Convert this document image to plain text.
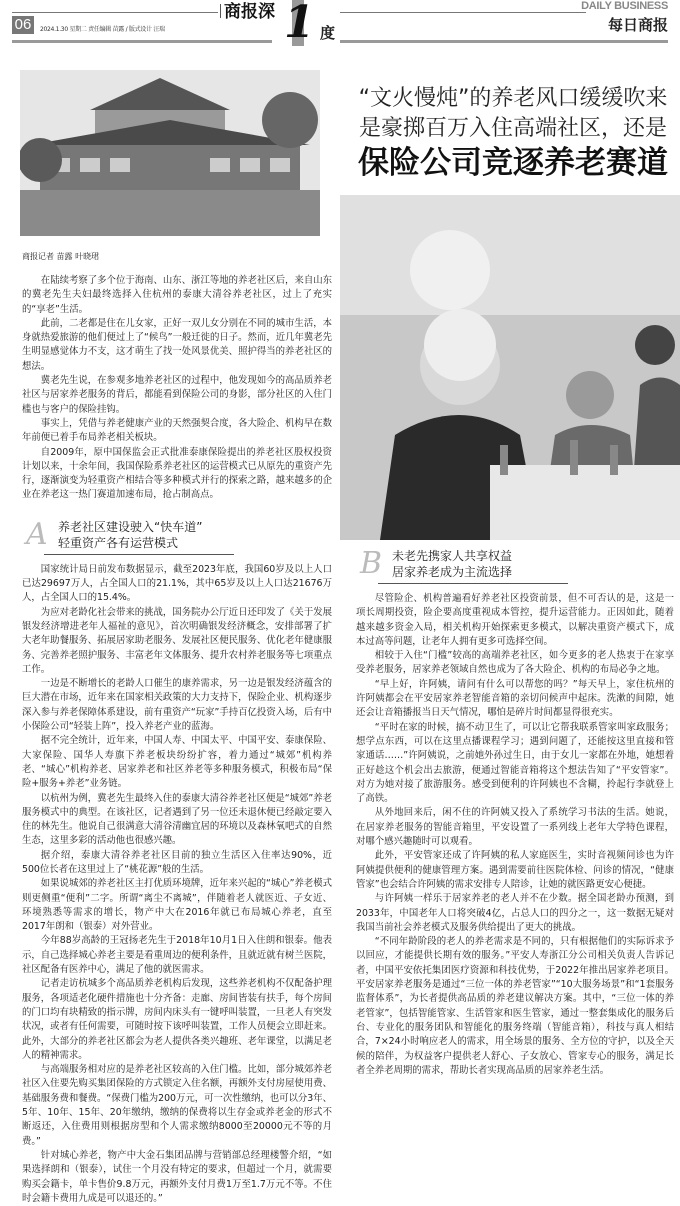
06	2024.1.30 星期二 责任编辑 苗露 / 版式设计 汪瑞
商报深 1 度
DAILY BUSINESS
每日商报
商报记者 苗露 叶晓珺
“文火慢炖”的养老风口缓缓吹来
是豪掷百万入住高端社区，还是
保险公司竞逐养老赛道

在陆续考察了多个位于海南、山东、浙江等地的养老社区后，来自山东的冀老先生夫妇最终选择入住杭州的泰康大清谷养老社区，过上了充实的“享老”生活。

此前，二老都是住在儿女家，正好一双儿女分别在不同的城市生活，本身就热爱旅游的他们便过上了“候鸟”一般迁徙的日子。然而，近几年冀老先生明显感觉体力不支，这才萌生了找一处风景优美、照护得当的养老社区的想法。

冀老先生说，在参观多地养老社区的过程中，他发现如今的高品质养老社区与居家养老服务的背后，都能看到保险公司的身影，部分社区的入住门槛也与客户的保险挂钩。

事实上，凭借与养老健康产业的天然强契合度，各大险企、机构早在数年前便已着手布局养老相关板块。

自2009年，原中国保监会正式批准泰康保险提出的养老社区股权投资计划以来，十余年间，我国保险系养老社区的运营模式已从原先的重资产先行，逐渐演变为轻重资产相结合等多种模式并行的探索之路，越来越多的企业在养老这一热门赛道加速布局，抢占制高点。

A 养老社区建设驶入“快车道”
轻重资产各有运营模式

国家统计局日前发布数据显示，截至2023年底，我国60岁及以上人口已达29697万人，占全国人口的21.1%，其中65岁及以上人口达21676万人，占全国人口的15.4%。

为应对老龄化社会带来的挑战，国务院办公厅近日还印发了《关于发展银发经济增进老年人福祉的意见》，首次明确银发经济概念，安排部署了扩大老年助餐服务、拓展居家助老服务、发展社区便民服务、优化老年健康服务、完善养老照护服务、丰富老年文体服务、提升农村养老服务等七项重点工作。

一边是不断增长的老龄人口催生的康养需求，另一边是银发经济蕴含的巨大潜在市场，近年来在国家相关政策的大力支持下，保险企业、机构逐步深入参与养老保障体系建设，前有重资产“玩家”手持百亿投资入场，后有中小保险公司“轻装上阵”，投入养老产业的蓝海。

据不完全统计，近年来，中国人寿、中国太平、中国平安、泰康保险、大家保险、国华人寿旗下养老板块纷纷扩容，着力通过“城郊”机构养老、“城心”机构养老、居家养老和社区养老等多种服务模式，积极布局“保险+服务+养老”业务链。

以杭州为例，冀老先生最终入住的泰康大清谷养老社区便是“城郊”养老服务模式中的典型。在该社区，记者遇到了另一位还未退休便已经敲定要入住的林先生。他说自己很满意大清谷清幽宜居的环境以及森林氧吧式的自然生态，这里多彩的活动他也很感兴趣。

据介绍，泰康大清谷养老社区目前的独立生活区入住率达90%，近500位长者在这里过上了“桃花源”般的生活。

如果说城郊的养老社区主打优质环境牌，近年来兴起的“城心”养老模式则更侧重“便利”二字。所谓“离尘不离城”，伴随着老人就医近、子女近、环境熟悉等需求的增长，物产中大在2016年就已布局城心养老，直至2017年朗和（银泰）对外营业。

今年88岁高龄的王冠扬老先生于2018年10月1日入住朗和银泰。他表示，自己选择城心养老主要是看重周边的便利条件，且就近就有树兰医院，社区配备有医养中心，满足了他的就医需求。

记者走访杭城多个高品质养老机构后发现，这些养老机构不仅配备护理服务，各项适老化硬件措施也十分齐备：走廊、房间皆装有扶手，每个房间的门口均有块精致的指示牌，房间内床头有一键呼叫装置，一旦老人有突发状况，或者有任何需要，可随时按下该呼叫装置，工作人员便会立即赶来。此外，大部分的养老社区都会为老人提供各类兴趣班、老年课堂，以满足老人的精神需求。

与高端服务相对应的是养老社区较高的入住门槛。比如，部分城郊养老社区入住要先购买集团保险的方式锁定入住名额，再额外支付房屋使用费、基础服务费和餐费。“保费门槛为200万元，可一次性缴纳，也可以分3年、5年、10年、15年、20年缴纳，缴纳的保费将以生存金或养老金的形式不断返还，入住费用则根据房型和个人需求缴纳8000至20000元不等的月费。”

针对城心养老，物产中大金石集团品牌与营销部总经理楼警介绍，“如果选择朗和（银泰），试住一个月没有特定的要求，但超过一个月，就需要购买会籍卡，单卡售价9.8万元，再额外支付月费1万至1.7万元不等。不住时会籍卡费用九成是可以退还的。”

B 未老先携家人共享权益
居家养老成为主流选择

尽管险企、机构普遍看好养老社区投资前景，但不可否认的是，这是一项长周期投资，险企要高度重视成本管控，提升运营能力。正因如此，随着越来越多资金入局，相关机构开始探索更多模式，以解决重资产模式下，成本过高等问题，让老年人拥有更多可选择空间。

相较于入住“门槛”较高的高端养老社区，如今更多的老人热衷于在家享受养老服务，居家养老领域自然也成为了各大险企、机构的布局必争之地。

“早上好，许阿姨，请问有什么可以帮您的吗？”每天早上，家住杭州的许阿姨都会在平安居家养老智能音箱的亲切问候声中起床。洗漱的间隙，她还会让音箱播报当日天气情况，哪怕是碎片时间都显得很充实。

“平时在家的时候，搞不动卫生了，可以让它帮我联系管家叫家政服务；想学点东西，可以在这里点播课程学习；遇到问题了，还能按这里直接和管家通话……”许阿姨说，之前她外孙过生日，由于女儿一家都在外地，她想着正好趁这个机会出去旅游，便通过智能音箱将这个想法告知了“平安管家”。对方为她对接了旅游服务。感受到便利的许阿姨也不含糊，拎起行李就登上了高铁。

从外地回来后，闲不住的许阿姨又投入了系统学习书法的生活。她说，在居家养老服务的智能音箱里，平安设置了一系列线上老年大学特色课程，对哪个感兴趣随时可以观看。

此外，平安管家还成了许阿姨的私人家庭医生，实时音视频问诊也为许阿姨提供便利的健康管理方案。遇到需要前往医院体检、问诊的情况，“健康管家”也会结合许阿姨的需求安排专人陪诊，让她的就医路更安心便捷。

与许阿姨一样乐于居家养老的老人并不在少数。据全国老龄办预测，到2033年，中国老年人口将突破4亿，占总人口的四分之一，这一数据无疑对我国当前社会养老模式及服务供给提出了更大的挑战。

“不同年龄阶段的老人的养老需求是不同的，只有根据他们的实际诉求予以回应，才能提供长期有效的服务。”平安人寿浙江分公司相关负责人告诉记者，中国平安依托集团医疗资源和科技优势，于2022年推出居家养老项目。平安居家养老服务是通过“三位一体的养老管家”“10大服务场景”和“1套服务监督体系”，为长者提供高品质的养老建议解决方案。其中，“三位一体的养老管家”，包括智能管家、生活管家和医生管家，通过一整套集成化的服务后台、专业化的服务团队和智能化的服务终端（智能音箱），科技与真人相结合，7×24小时响应老人的需求，用全场景的服务、全方位的守护，以及全天候的陪伴，为权益客户提供老人舒心、子女放心、管家专心的服务，满足长者全养老周期的需求，帮助长者实现高品质的居家养老生活。
